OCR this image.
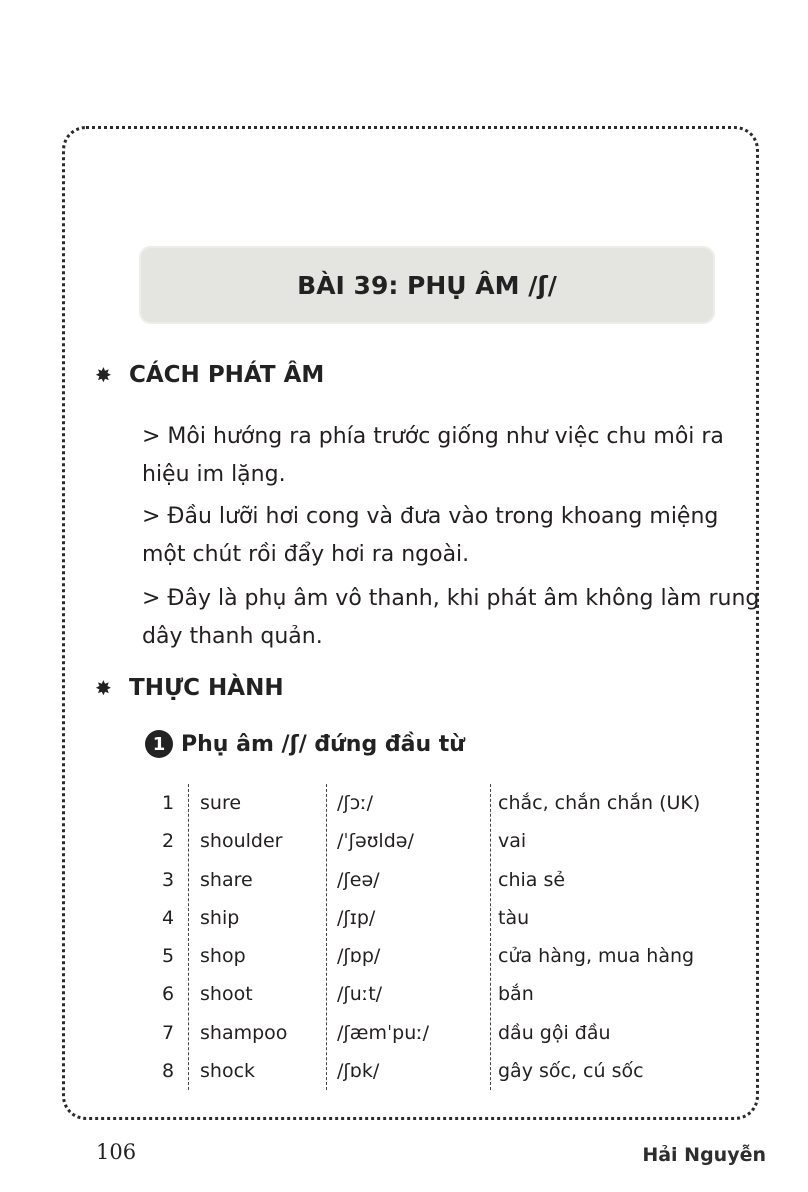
BÀI 39: PHỤ ÂM /ʃ/
✸ CÁCH PHÁT ÂM
> Môi hướng ra phía trước giống như việc chu môi ra
hiệu im lặng.
> Đầu lưỡi hơi cong và đưa vào trong khoang miệng
một chút rồi đẩy hơi ra ngoài.
> Đây là phụ âm vô thanh, khi phát âm không làm rung
dây thanh quản.
✸ THỰC HÀNH
1 Phụ âm /ʃ/ đứng đầu từ
1 sure	/ʃɔː/	chắc, chắn chắn (UK)
2 shoulder	/ˈʃəʊldə/	vai
3 share	/ʃeə/	chia sẻ
4 ship	/ʃɪp/	tàu
5 shop	/ʃɒp/	cửa hàng, mua hàng
6 shoot	/ʃuːt/	bắn
7 shampoo	/ʃæmˈpuː/	dầu gội đầu
8 shock	/ʃɒk/	gây sốc, cú sốc
106	Hải Nguyễn
